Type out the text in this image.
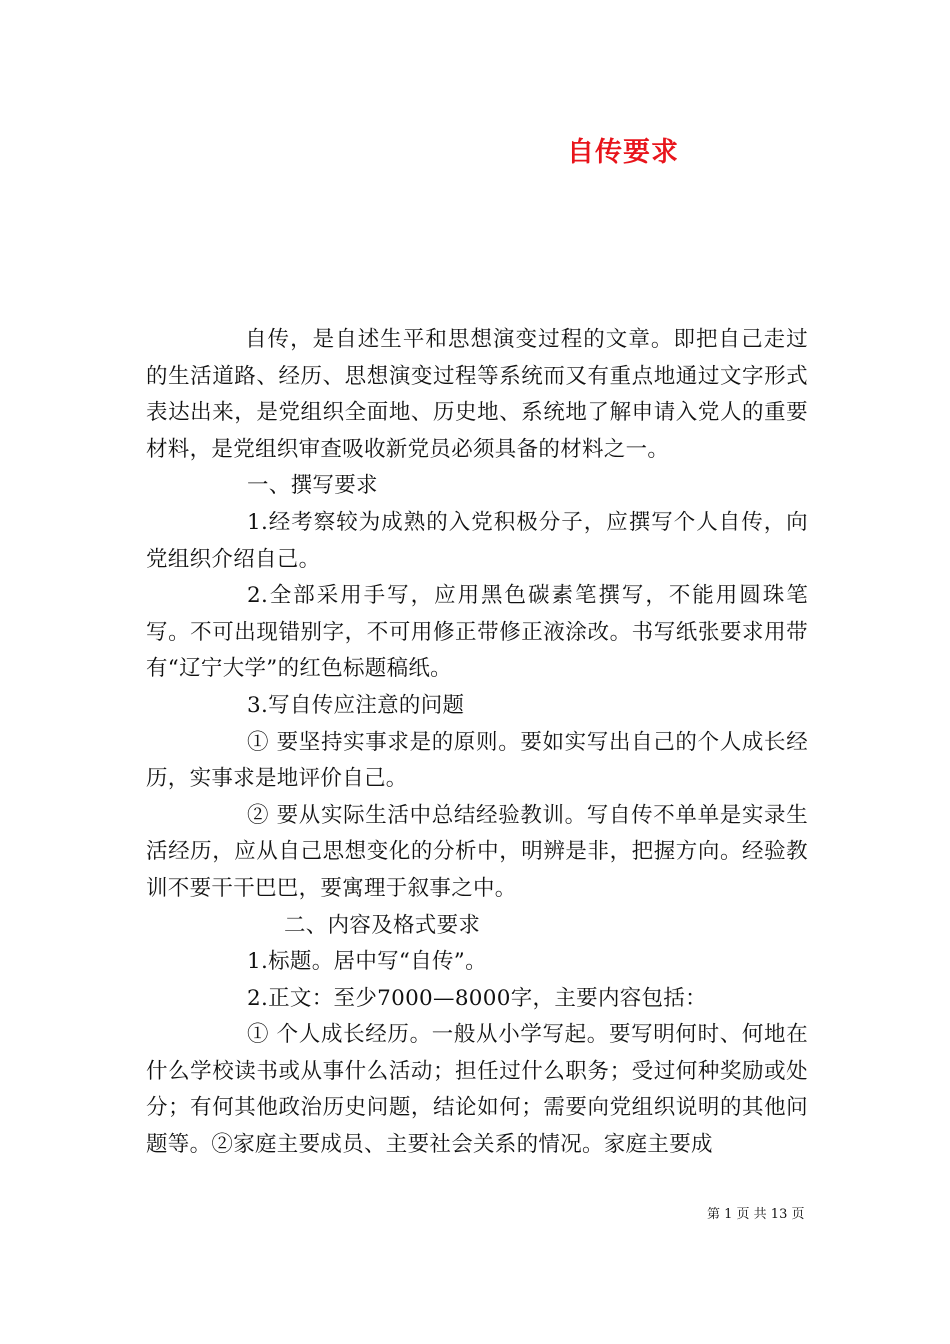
自传要求

自传，是自述生平和思想演变过程的文章。即把自己走过的生活道路、经历、思想演变过程等系统而又有重点地通过文字形式表达出来，是党组织全面地、历史地、系统地了解申请入党人的重要材料，是党组织审查吸收新党员必须具备的材料之一。

一、撰写要求

1.经考察较为成熟的入党积极分子，应撰写个人自传，向党组织介绍自己。

2.全部采用手写，应用黑色碳素笔撰写，不能用圆珠笔写。不可出现错别字，不可用修正带修正液涂改。书写纸张要求用带有“辽宁大学”的红色标题稿纸。

3.写自传应注意的问题

① 要坚持实事求是的原则。要如实写出自己的个人成长经历，实事求是地评价自己。

② 要从实际生活中总结经验教训。写自传不单单是实录生活经历，应从自己思想变化的分析中，明辨是非，把握方向。经验教训不要干干巴巴，要寓理于叙事之中。

二、内容及格式要求

1.标题。居中写“自传”。

2.正文：至少7000—8000字，主要内容包括：

① 个人成长经历。一般从小学写起。要写明何时、何地在什么学校读书或从事什么活动；担任过什么职务；受过何种奖励或处分；有何其他政治历史问题，结论如何；需要向党组织说明的其他问题等。②家庭主要成员、主要社会关系的情况。家庭主要成

第 1 页 共 13 页
